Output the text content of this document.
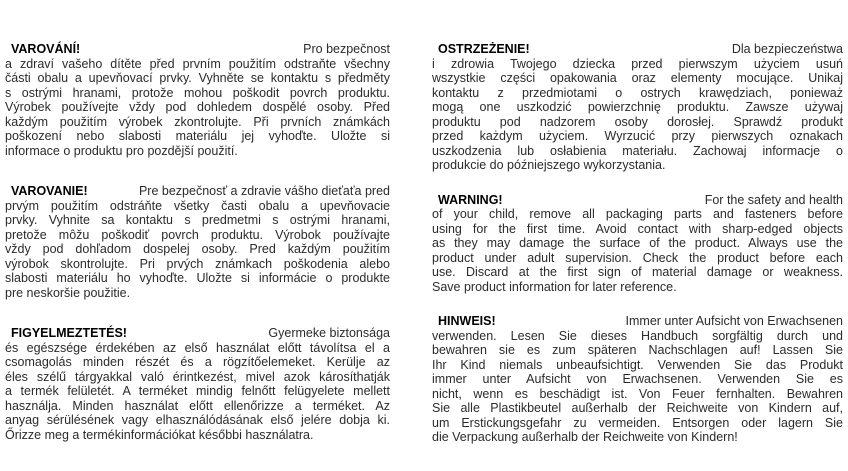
VAROVÁNÍ!	Pro bezpečnost
a zdraví vašeho dítěte před prvním použitím odstraňte všechny
části obalu a upevňovací prvky. Vyhněte se kontaktu s předměty
s ostrými hranami, protože mohou poškodit povrch produktu.
Výrobek používejte vždy pod dohledem dospělé osoby. Před
každým použitím výrobek zkontrolujte. Při prvních známkách
poškození nebo slabosti materiálu jej vyhoďte. Uložte si
informace o produktu pro pozdější použití.
VAROVANIE!	Pre bezpečnosť a zdravie vášho dieťaťa pred
prvým použitím odstráňte všetky časti obalu a upevňovacie
prvky. Vyhnite sa kontaktu s predmetmi s ostrými hranami,
pretože môžu poškodiť povrch produktu. Výrobok používajte
vždy pod dohľadom dospelej osoby. Pred každým použitím
výrobok skontrolujte. Pri prvých známkach poškodenia alebo
slabosti materiálu ho vyhoďte. Uložte si informácie o produkte
pre neskoršie použitie.
FIGYELMEZTETÉS!	Gyermeke biztonsága
és egészsége érdekében az első használat előtt távolítsa el a
csomagolás minden részét és a rögzítőelemeket. Kerülje az
éles szélű tárgyakkal való érintkezést, mivel azok károsíthatják
a termék felületét. A terméket mindig felnőtt felügyelete mellett
használja. Minden használat előtt ellenőrizze a terméket. Az
anyag sérülésének vagy elhasználódásának első jelére dobja ki.
Őrizze meg a termékinformációkat későbbi használatra.
OSTRZEŻENIE!	Dla bezpieczeństwa
i zdrowia Twojego dziecka przed pierwszym użyciem usuń
wszystkie części opakowania oraz elementy mocujące. Unikaj
kontaktu z przedmiotami o ostrych krawędziach, ponieważ
mogą one uszkodzić powierzchnię produktu. Zawsze używaj
produktu pod nadzorem osoby dorosłej. Sprawdź produkt
przed każdym użyciem. Wyrzucić przy pierwszych oznakach
uszkodzenia lub osłabienia materiału. Zachowaj informacje o
produkcie do późniejszego wykorzystania.
WARNING!	For the safety and health
of your child, remove all packaging parts and fasteners before
using for the first time. Avoid contact with sharp-edged objects
as they may damage the surface of the product. Always use the
product under adult supervision. Check the product before each
use. Discard at the first sign of material damage or weakness.
Save product information for later reference.
HINWEIS!	Immer unter Aufsicht von Erwachsenen
verwenden. Lesen Sie dieses Handbuch sorgfältig durch und
bewahren sie es zum späteren Nachschlagen auf! Lassen Sie
Ihr Kind niemals unbeaufsichtigt. Verwenden Sie das Produkt
immer unter Aufsicht von Erwachsenen. Verwenden Sie es
nicht, wenn es beschädigt ist. Von Feuer fernhalten. Bewahren
Sie alle Plastikbeutel außerhalb der Reichweite von Kindern auf,
um Erstickungsgefahr zu vermeiden. Entsorgen oder lagern Sie
die Verpackung außerhalb der Reichweite von Kindern!
